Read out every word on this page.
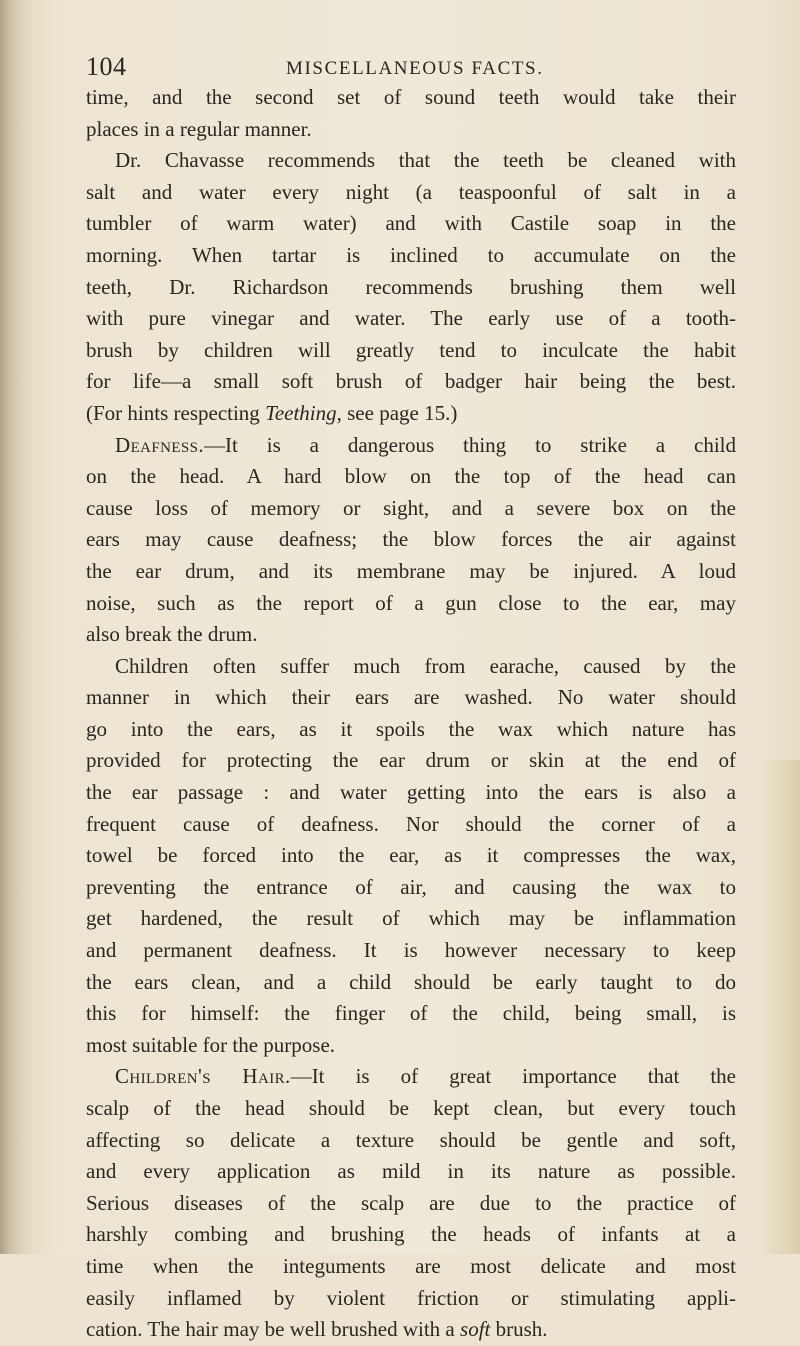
104	MISCELLANEOUS FACTS.
time, and the second set of sound teeth would take their
places in a regular manner.
Dr. Chavasse recommends that the teeth be cleaned with
salt and water every night (a teaspoonful of salt in a
tumbler of warm water) and with Castile soap in the
morning. When tartar is inclined to accumulate on the
teeth, Dr. Richardson recommends brushing them well
with pure vinegar and water. The early use of a tooth-
brush by children will greatly tend to inculcate the habit
for life—a small soft brush of badger hair being the best.
(For hints respecting Teething, see page 15.)
Deafness.—It is a dangerous thing to strike a child
on the head. A hard blow on the top of the head can
cause loss of memory or sight, and a severe box on the
ears may cause deafness; the blow forces the air against
the ear drum, and its membrane may be injured. A loud
noise, such as the report of a gun close to the ear, may
also break the drum.
Children often suffer much from earache, caused by the
manner in which their ears are washed. No water should
go into the ears, as it spoils the wax which nature has
provided for protecting the ear drum or skin at the end of
the ear passage : and water getting into the ears is also a
frequent cause of deafness. Nor should the corner of a
towel be forced into the ear, as it compresses the wax,
preventing the entrance of air, and causing the wax to
get hardened, the result of which may be inflammation
and permanent deafness. It is however necessary to keep
the ears clean, and a child should be early taught to do
this for himself: the finger of the child, being small, is
most suitable for the purpose.
Children's Hair.—It is of great importance that the
scalp of the head should be kept clean, but every touch
affecting so delicate a texture should be gentle and soft,
and every application as mild in its nature as possible.
Serious diseases of the scalp are due to the practice of
harshly combing and brushing the heads of infants at a
time when the integuments are most delicate and most
easily inflamed by violent friction or stimulating appli-
cation. The hair may be well brushed with a soft brush.
